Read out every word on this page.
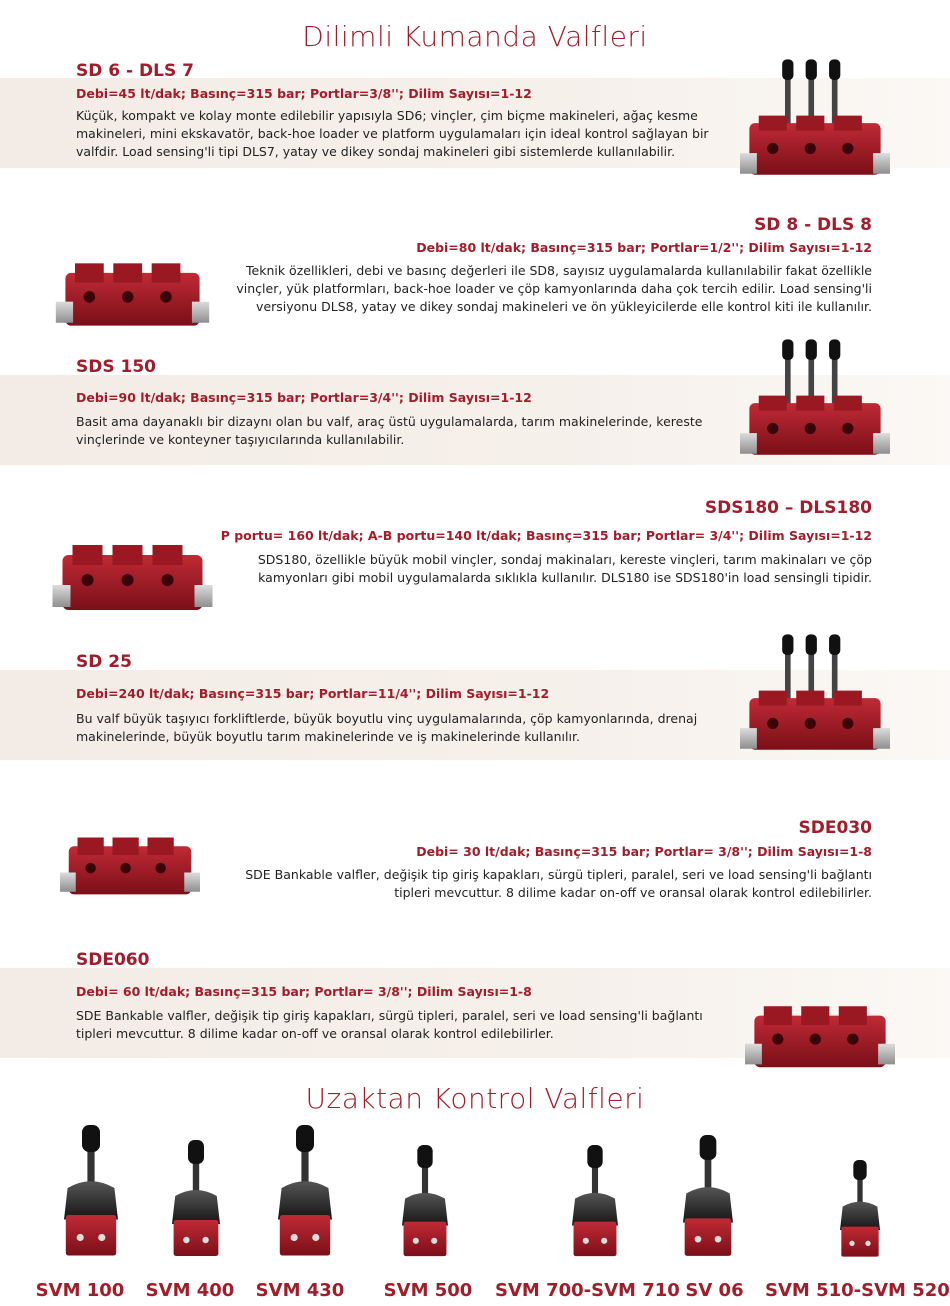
Dilimli Kumanda Valfleri

SD 6 - DLS 7

Debi=45 lt/dak; Basınç=315 bar; Portlar=3/8''; Dilim Sayısı=1-12

Küçük, kompakt ve kolay monte edilebilir yapısıyla SD6; vinçler, çim biçme makineleri, ağaç kesme
makineleri, mini ekskavatör, back-hoe loader ve platform uygulamaları için ideal kontrol sağlayan bir
valfdir. Load sensing'li tipi DLS7, yatay ve dikey sondaj makineleri gibi sistemlerde kullanılabilir.

SD 8 - DLS 8

Debi=80 lt/dak; Basınç=315 bar; Portlar=1/2''; Dilim Sayısı=1-12

Teknik özellikleri, debi ve basınç değerleri ile SD8, sayısız uygulamalarda kullanılabilir fakat özellikle
vinçler, yük platformları, back-hoe loader ve çöp kamyonlarında daha çok tercih edilir. Load sensing'li
versiyonu DLS8, yatay ve dikey sondaj makineleri ve ön yükleyicilerde elle kontrol kiti ile kullanılır.

SDS 150

Debi=90 lt/dak; Basınç=315 bar; Portlar=3/4''; Dilim Sayısı=1-12

Basit ama dayanaklı bir dizaynı olan bu valf, araç üstü uygulamalarda, tarım makinelerinde, kereste
vinçlerinde ve konteyner taşıyıcılarında kullanılabilir.

SDS180 – DLS180

P portu= 160 lt/dak; A-B portu=140 lt/dak; Basınç=315 bar; Portlar= 3/4''; Dilim Sayısı=1-12

SDS180, özellikle büyük mobil vinçler, sondaj makinaları, kereste vinçleri, tarım makinaları ve çöp
kamyonları gibi mobil uygulamalarda sıklıkla kullanılır. DLS180 ise SDS180'in load sensingli tipidir.

SD 25

Debi=240 lt/dak; Basınç=315 bar; Portlar=11/4''; Dilim Sayısı=1-12

Bu valf büyük taşıyıcı forkliftlerde, büyük boyutlu vinç uygulamalarında, çöp kamyonlarında, drenaj
makinelerinde, büyük boyutlu tarım makinelerinde ve iş makinelerinde kullanılır.

SDE030

Debi= 30 lt/dak; Basınç=315 bar; Portlar= 3/8''; Dilim Sayısı=1-8

SDE Bankable valfler, değişik tip giriş kapakları, sürgü tipleri, paralel, seri ve load sensing'li bağlantı
tipleri mevcuttur. 8 dilime kadar on-off ve oransal olarak kontrol edilebilirler.

SDE060

Debi= 60 lt/dak; Basınç=315 bar; Portlar= 3/8''; Dilim Sayısı=1-8

SDE Bankable valfler, değişik tip giriş kapakları, sürgü tipleri, paralel, seri ve load sensing'li bağlantı
tipleri mevcuttur. 8 dilime kadar on-off ve oransal olarak kontrol edilebilirler.
Uzaktan Kontrol Valfleri
SVM 100	SVM 400	SVM 430	SVM 500	SVM 700-SVM 710 SV 06	SVM 510-SVM 520
